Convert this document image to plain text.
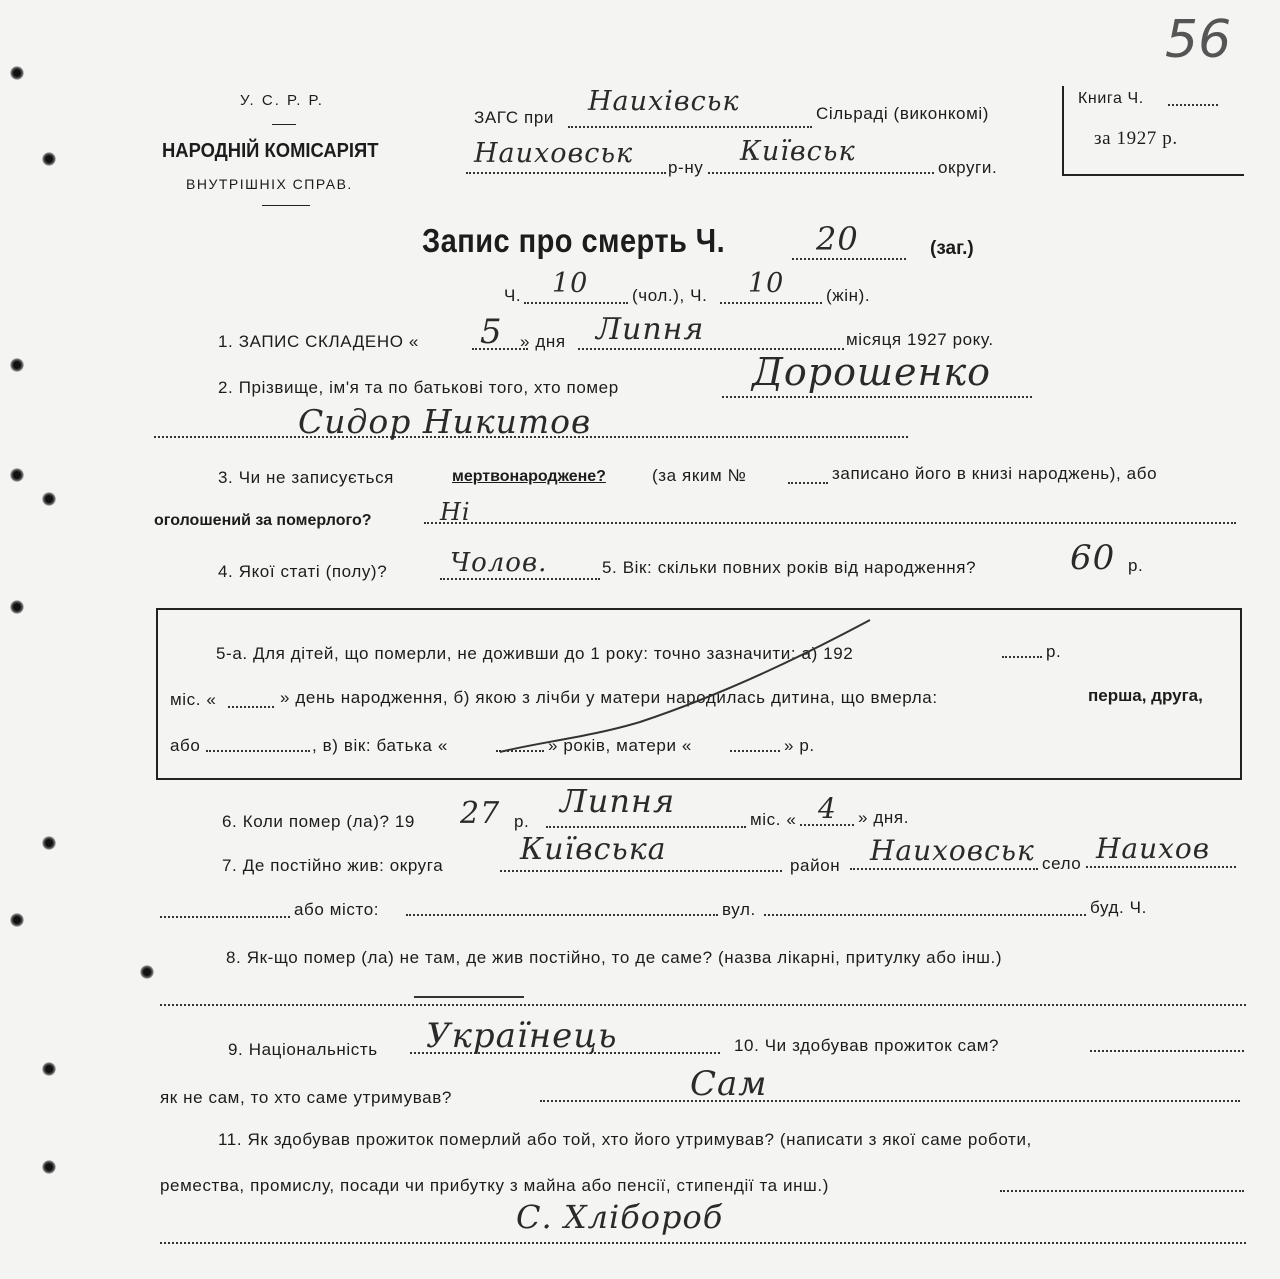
56
У. С. Р. Р.
НАРОДНІЙ КОМІСАРІЯТ
ВНУТРІШНІХ СПРАВ.
ЗАГС при
Наихівськ	Сільраді (виконкомі)
Наиховськ р-ну
Київськ
округи.
Книга Ч.
за 1927 р.
Запис про смерть Ч.	20	(заг.)
Ч. 10	(чол.), Ч. 10 (жін).
1. ЗАПИС СКЛАДЕНО « 5 » дня Липня	місяця 1927 року.
2. Прізвище, ім'я та по батькові того, хто помер	Дорошенко
Сидор Никитов
3. Чи не записується	мертвонароджене?	(за яким №	записано його в книзі народжень), або
оголошений за померлого?	Ні
4. Якої статі (полу)? Чолов.	5. Вік: скільки повних років від народження?	60 р.
5-а. Для дітей, що померли, не доживши до 1 року: точно зазначити: а) 192	р.
міс. «	» день народження, б) якою з лічби у матери народилась дитина, що вмерла:	перша, друга,
або	, в) вік: батька «	» років, матери «	» р.
6. Коли помер (ла)? 19 27 р.
Липня	міс. « 4 » дня.
7. Де постійно жив: округа	Київська	район Наиховськ село Наихов
або місто:	вул.	буд. Ч.
8. Як-що помер (ла) не там, де жив постійно, то де саме? (назва лікарні, притулку або інш.)
9. Національність Українець	10. Чи здобував прожиток сам?
як не сам, то хто саме утримував?	Сам
11. Як здобував прожиток померлий або той, хто його утримував? (написати з якої саме роботи,
ремества, промислу, посади чи прибутку з майна або пенсії, стипендії та инш.)
С. Хлібороб
